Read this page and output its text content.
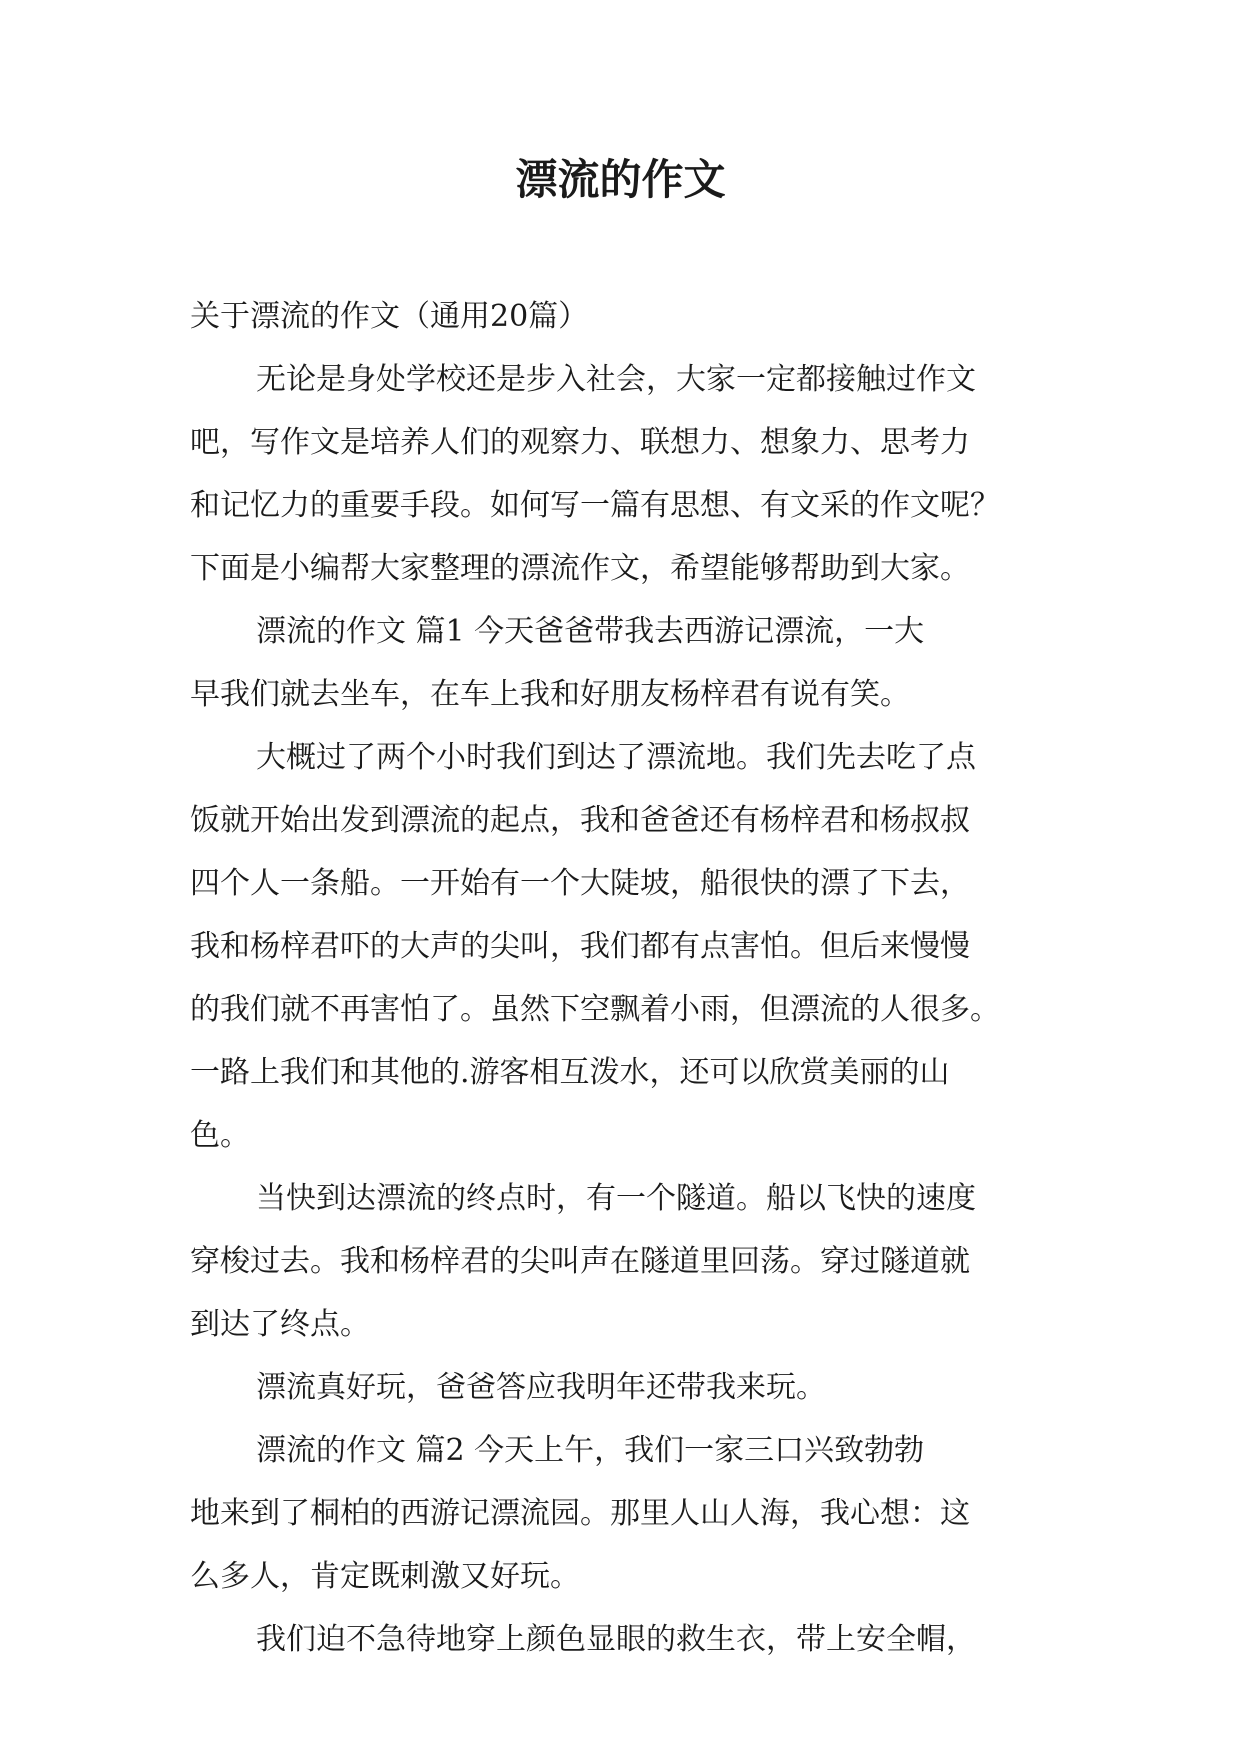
漂流的作文
关于漂流的作文（通用20篇）
无论是身处学校还是步入社会，大家一定都接触过作文
吧，写作文是培养人们的观察力、联想力、想象力、思考力
和记忆力的重要手段。如何写一篇有思想、有文采的作文呢？
下面是小编帮大家整理的漂流作文，希望能够帮助到大家。
漂流的作文 篇1 今天爸爸带我去西游记漂流，一大
早我们就去坐车，在车上我和好朋友杨梓君有说有笑。
大概过了两个小时我们到达了漂流地。我们先去吃了点
饭就开始出发到漂流的起点，我和爸爸还有杨梓君和杨叔叔
四个人一条船。一开始有一个大陡坡，船很快的漂了下去，
我和杨梓君吓的大声的尖叫，我们都有点害怕。但后来慢慢
的我们就不再害怕了。虽然下空飘着小雨，但漂流的人很多。
一路上我们和其他的.游客相互泼水，还可以欣赏美丽的山
色。
当快到达漂流的终点时，有一个隧道。船以飞快的速度
穿梭过去。我和杨梓君的尖叫声在隧道里回荡。穿过隧道就
到达了终点。
漂流真好玩，爸爸答应我明年还带我来玩。
漂流的作文 篇2 今天上午，我们一家三口兴致勃勃
地来到了桐柏的西游记漂流园。那里人山人海，我心想：这
么多人，肯定既刺激又好玩。
我们迫不急待地穿上颜色显眼的救生衣，带上安全帽，
